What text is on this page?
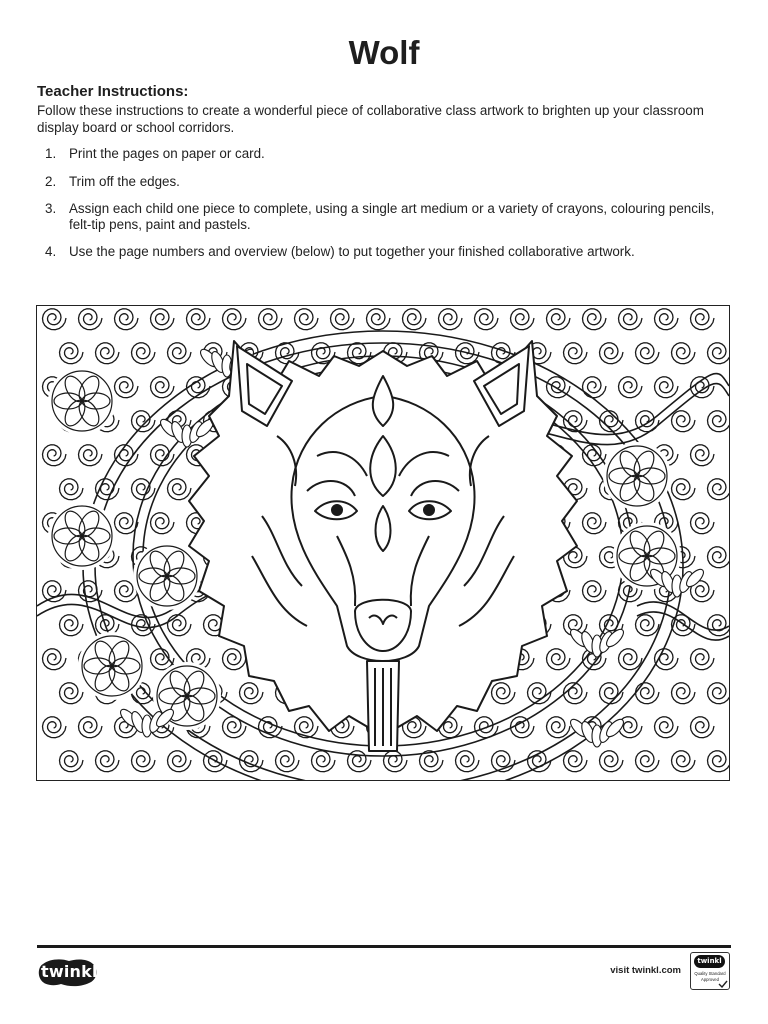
Wolf
Teacher Instructions:
Follow these instructions to create a wonderful piece of collaborative class artwork to brighten up your classroom display board or school corridors.
1. Print the pages on paper or card.
2. Trim off the edges.
3. Assign each child one piece to complete, using a single art medium or a variety of crayons, colouring pencils, felt-tip pens, paint and pastels.
4. Use the page numbers and overview (below) to put together your finished collaborative artwork.
twinkl	visit twinkl.com
twinkl
Quality Standard
Approved
